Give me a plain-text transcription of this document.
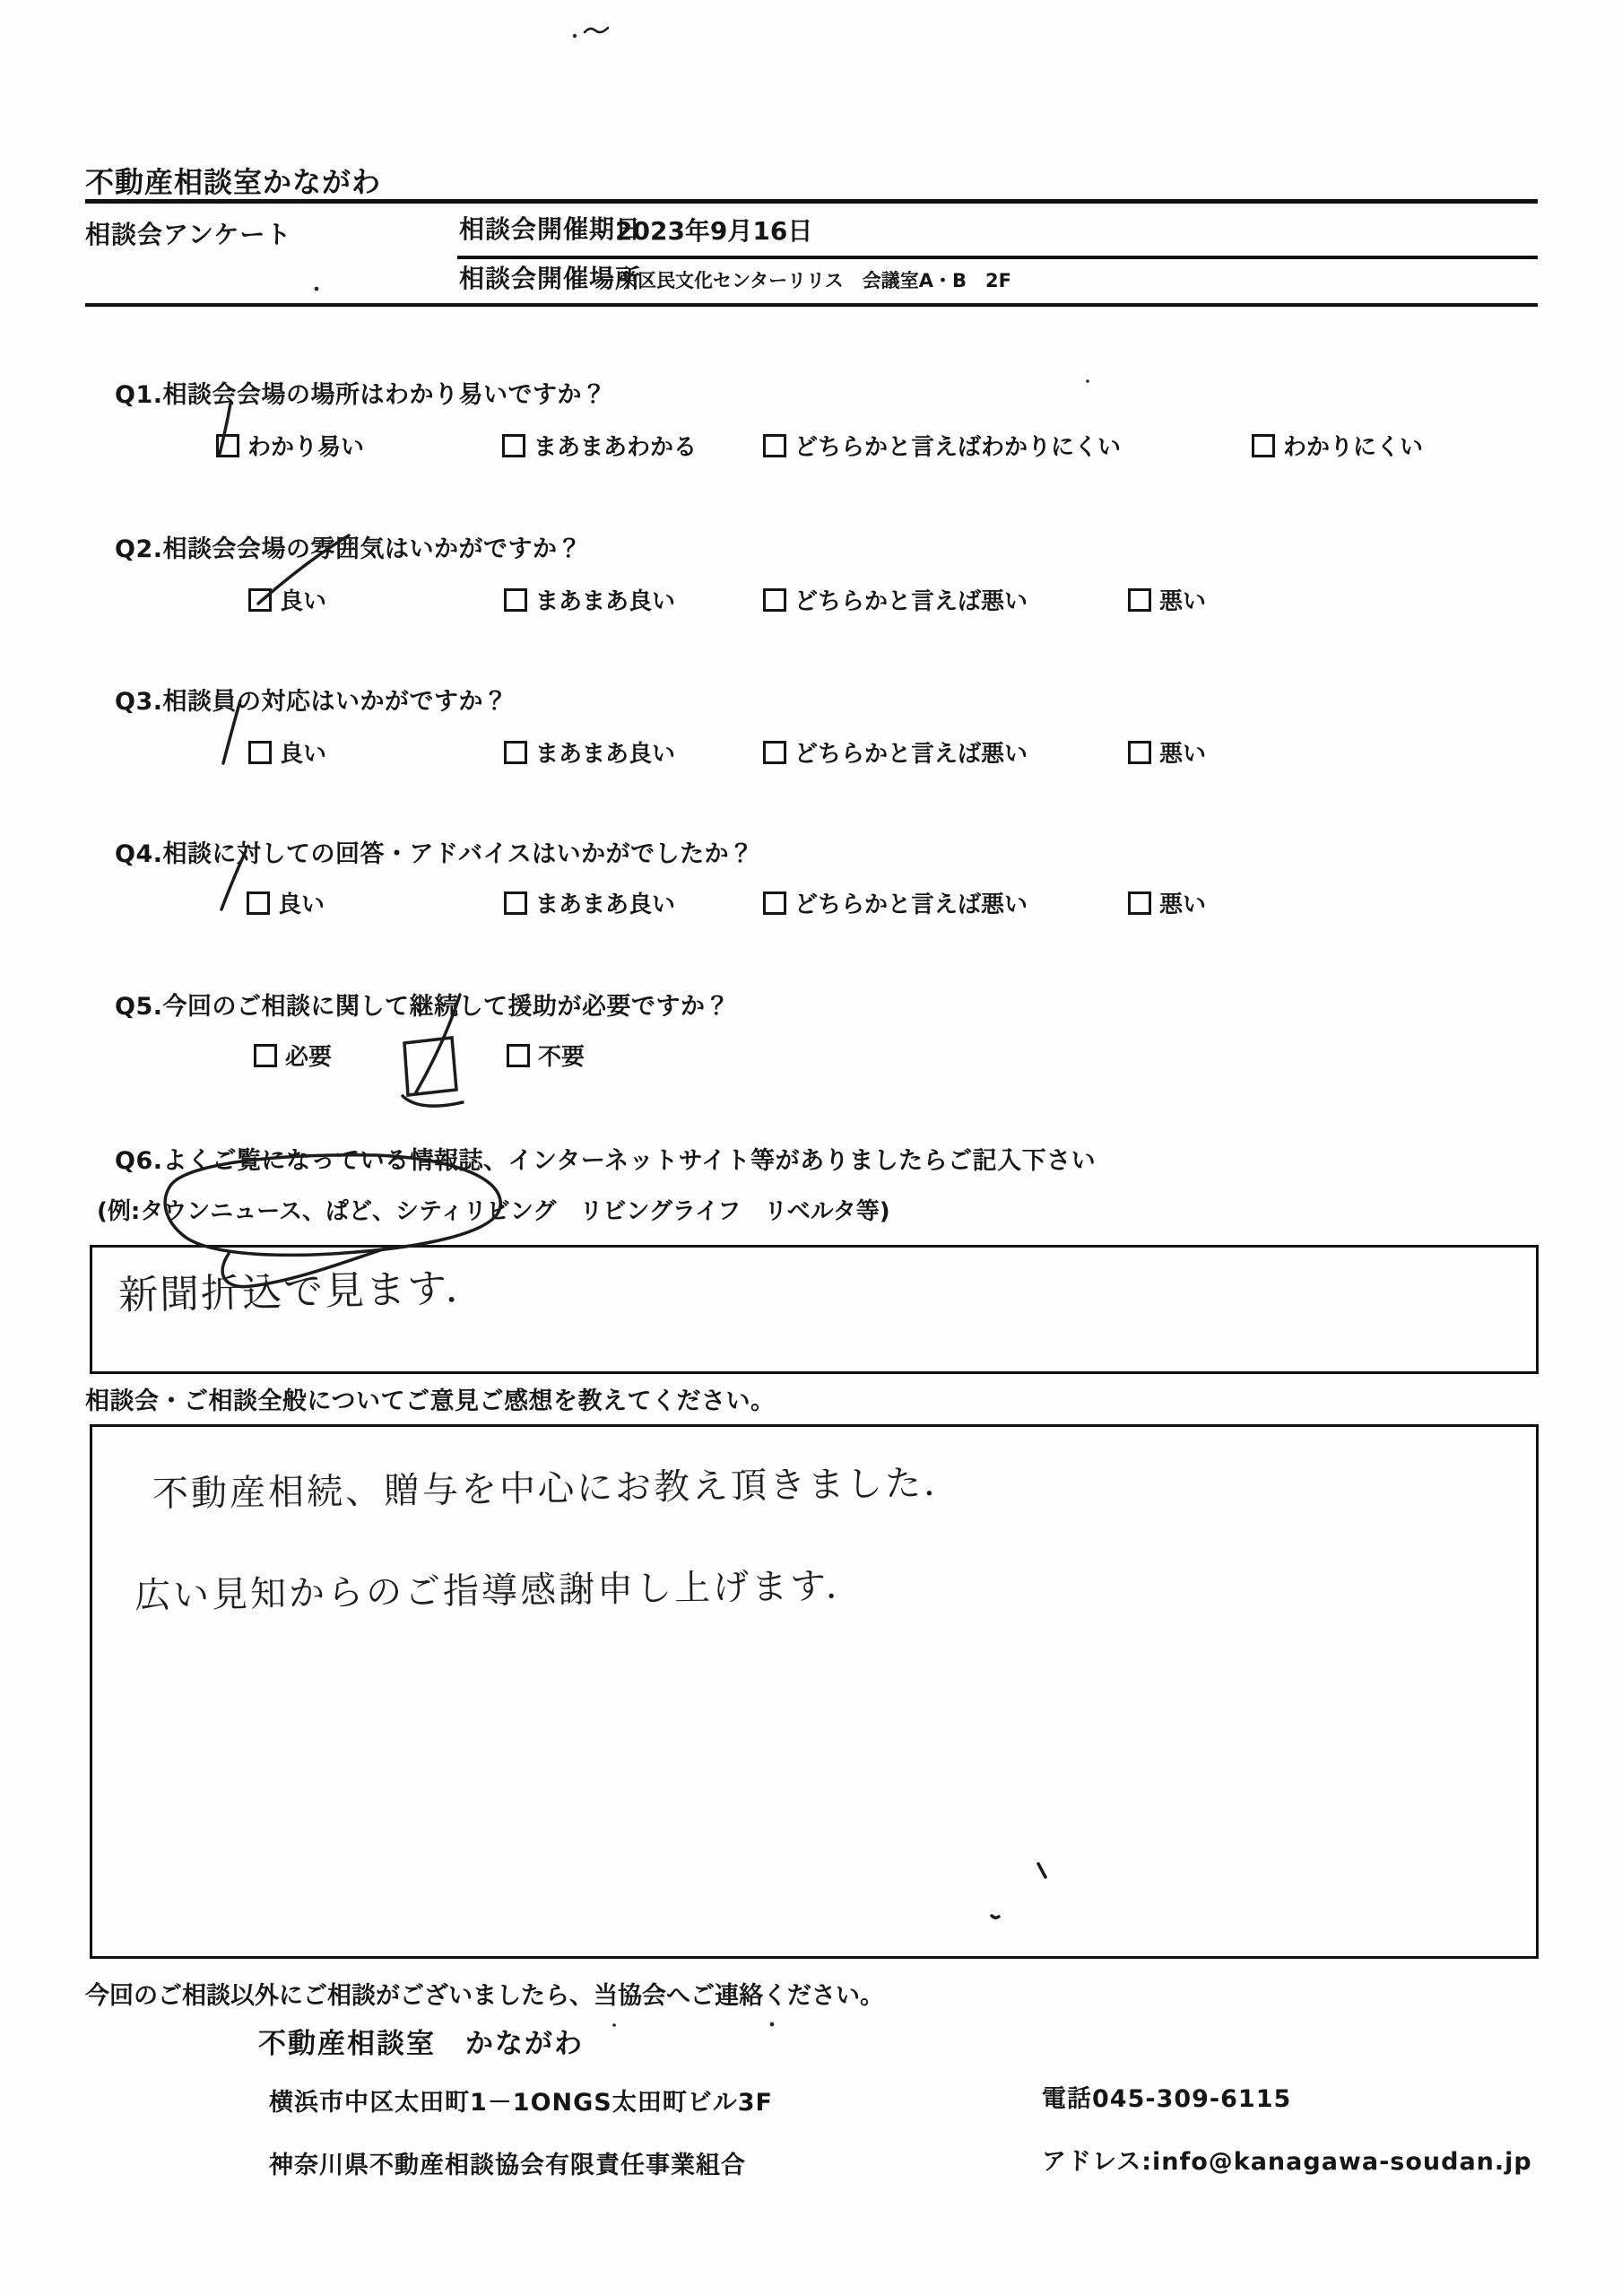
不動産相談室かながわ
相談会アンケート	相談会開催期日
2023年9月16日
相談会開催場所
栄区民文化センターリリス　会議室A・B　2F
Q1.相談会会場の場所はわかり易いですか？
わかり易い	まあまあわかる	どちらかと言えばわかりにくい	わかりにくい
Q2.相談会会場の雰囲気はいかがですか？
良い	まあまあ良い	どちらかと言えば悪い	悪い
Q3.相談員の対応はいかがですか？
良い	まあまあ良い	どちらかと言えば悪い	悪い
Q4.相談に対しての回答・アドバイスはいかがでしたか？
良い	まあまあ良い	どちらかと言えば悪い	悪い
Q5.今回のご相談に関して継続して援助が必要ですか？
必要	不要
Q6.よくご覧になっている情報誌、インターネットサイト等がありましたらご記入下さい
(例: タウンニュース 、ぱど、シティリビング　リビングライフ　リベルタ等)
新聞折込で見ます．
相談会・ご相談全般についてご意見ご感想を教えてください。
不動産相続、贈与を中心にお教え頂きました．
広い見知からのご指導感謝申し上げます．
今回のご相談以外にご相談がございましたら、当協会へご連絡ください。
不動産相談室　かながわ
横浜市中区太田町1－1ONGS太田町ビル3F	電話045-309-6115
神奈川県不動産相談協会有限責任事業組合	アドレス:info@kanagawa-soudan.jp
